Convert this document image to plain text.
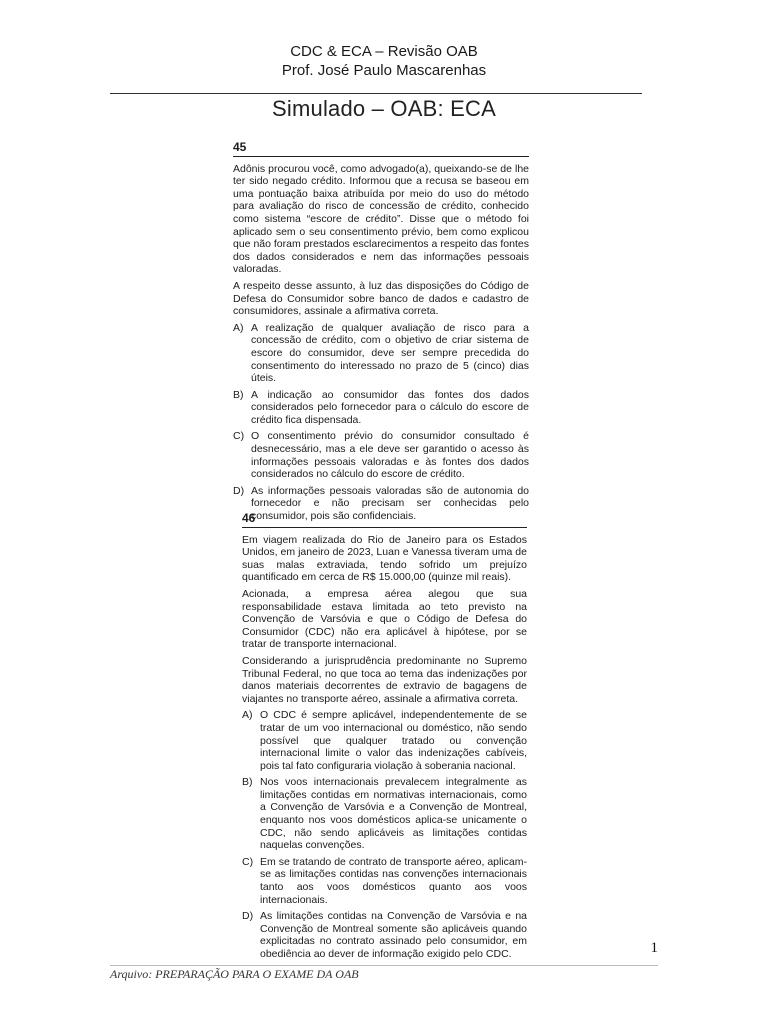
CDC & ECA – Revisão OAB
Prof. José Paulo Mascarenhas
Simulado – OAB: ECA
45

Adônis procurou você, como advogado(a), queixando-se de lhe ter sido negado crédito. Informou que a recusa se baseou em uma pontuação baixa atribuída por meio do uso do método para avaliação do risco de concessão de crédito, conhecido como sistema “escore de crédito”. Disse que o método foi aplicado sem o seu consentimento prévio, bem como explicou que não foram prestados esclarecimentos a respeito das fontes dos dados considerados e nem das informações pessoais valoradas.

A respeito desse assunto, à luz das disposições do Código de Defesa do Consumidor sobre banco de dados e cadastro de consumidores, assinale a afirmativa correta.

A) A realização de qualquer avaliação de risco para a concessão de crédito, com o objetivo de criar sistema de escore do consumidor, deve ser sempre precedida do consentimento do interessado no prazo de 5 (cinco) dias úteis.
B) A indicação ao consumidor das fontes dos dados considerados pelo fornecedor para o cálculo do escore de crédito fica dispensada.
C) O consentimento prévio do consumidor consultado é desnecessário, mas a ele deve ser garantido o acesso às informações pessoais valoradas e às fontes dos dados considerados no cálculo do escore de crédito.
D) As informações pessoais valoradas são de autonomia do fornecedor e não precisam ser conhecidas pelo consumidor, pois são confidenciais.
46

Em viagem realizada do Rio de Janeiro para os Estados Unidos, em janeiro de 2023, Luan e Vanessa tiveram uma de suas malas extraviada, tendo sofrido um prejuízo quantificado em cerca de R$ 15.000,00 (quinze mil reais).

Acionada, a empresa aérea alegou que sua responsabilidade estava limitada ao teto previsto na Convenção de Varsóvia e que o Código de Defesa do Consumidor (CDC) não era aplicável à hipótese, por se tratar de transporte internacional.

Considerando a jurisprudência predominante no Supremo Tribunal Federal, no que toca ao tema das indenizações por danos materiais decorrentes de extravio de bagagens de viajantes no transporte aéreo, assinale a afirmativa correta.

A) O CDC é sempre aplicável, independentemente de se tratar de um voo internacional ou doméstico, não sendo possível que qualquer tratado ou convenção internacional limite o valor das indenizações cabíveis, pois tal fato configuraria violação à soberania nacional.
B) Nos voos internacionais prevalecem integralmente as limitações contidas em normativas internacionais, como a Convenção de Varsóvia e a Convenção de Montreal, enquanto nos voos domésticos aplica-se unicamente o CDC, não sendo aplicáveis as limitações contidas naquelas convenções.
C) Em se tratando de contrato de transporte aéreo, aplicam-se as limitações contidas nas convenções internacionais tanto aos voos domésticos quanto aos voos internacionais.
D) As limitações contidas na Convenção de Varsóvia e na Convenção de Montreal somente são aplicáveis quando explicitadas no contrato assinado pelo consumidor, em obediência ao dever de informação exigido pelo CDC.	1
Arquivo: PREPARAÇÃO PARA O EXAME DA OAB
